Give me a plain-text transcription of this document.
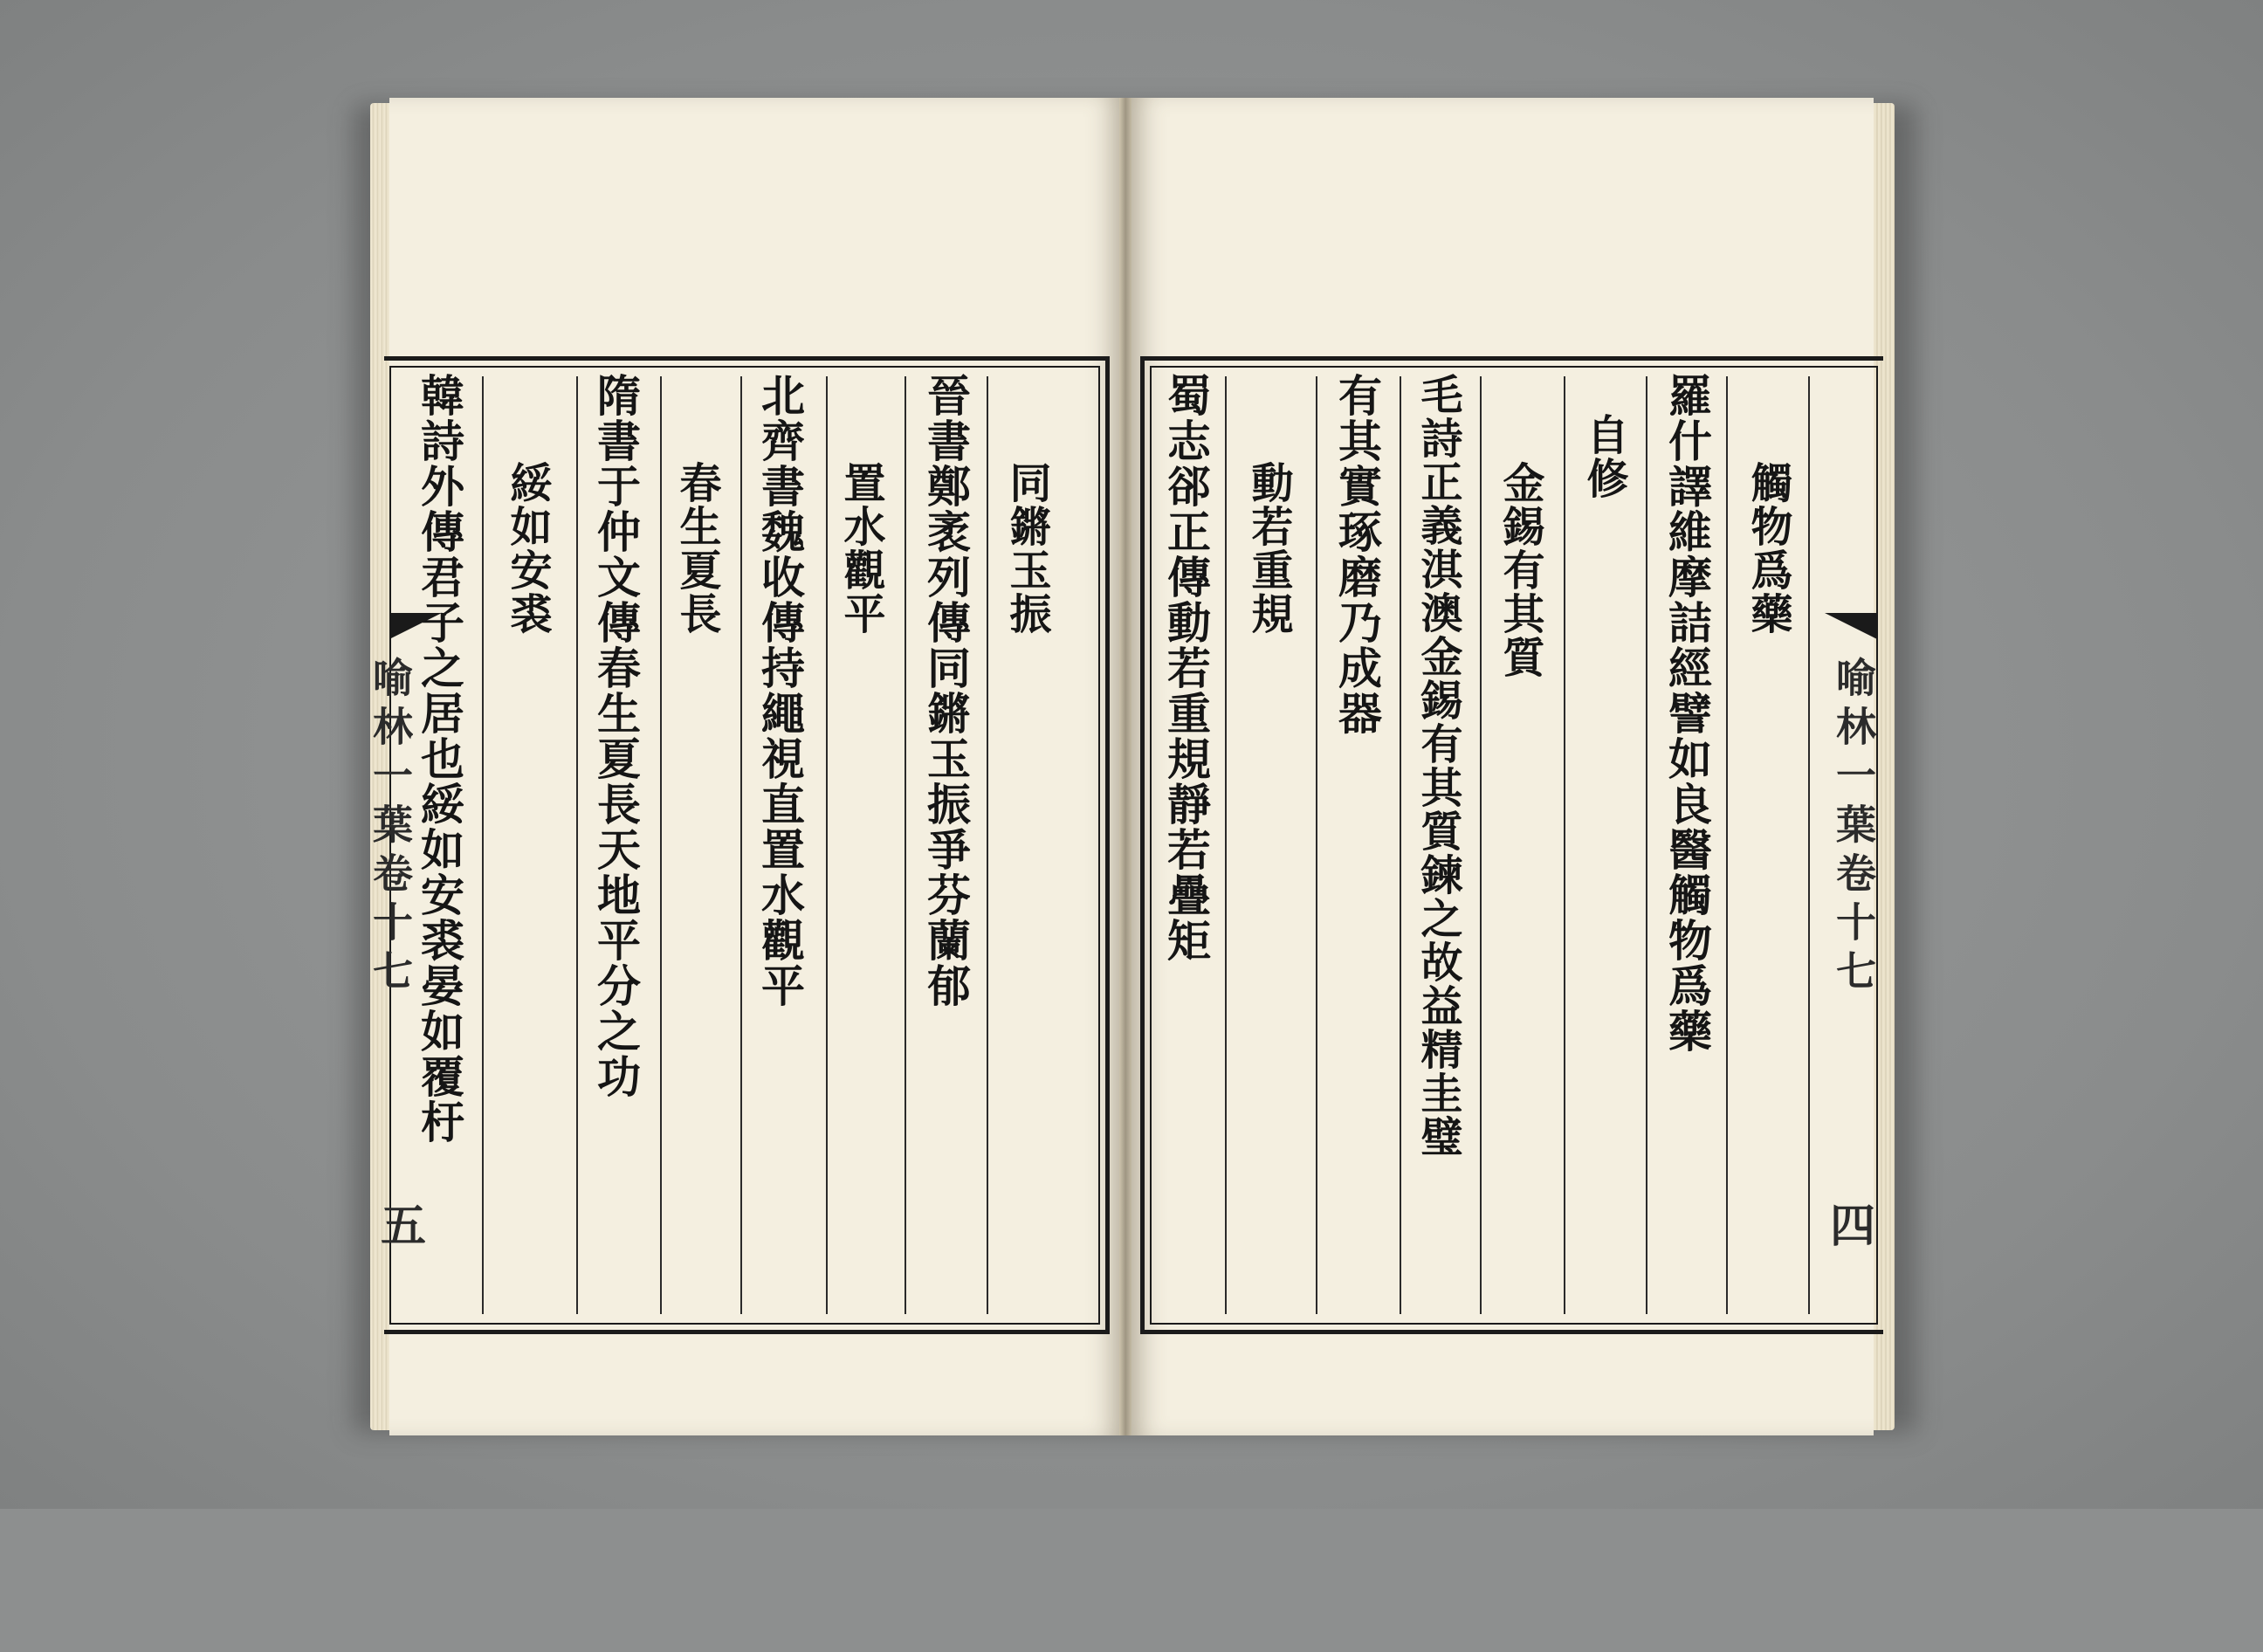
同鏘玉振
晉書鄭袤列傳同鏘玉振爭芬蘭郁
置水觀平
北齊書魏收傳持繩視直置水觀平
春生夏長
隋書于仲文傳春生夏長天地平分之功
綏如安裘
韓詩外傳君子之居也綏如安裘晏如覆杅
喻林一葉卷十七
五
觸物爲藥
羅什譯維摩詰經譬如良醫觸物爲藥
自修
金錫有其質
毛詩正義淇澳金錫有其質鍊之故益精圭璧
有其實琢磨乃成器
動若重規
蜀志郤正傳動若重規靜若疊矩	喻林一葉卷十七
四
